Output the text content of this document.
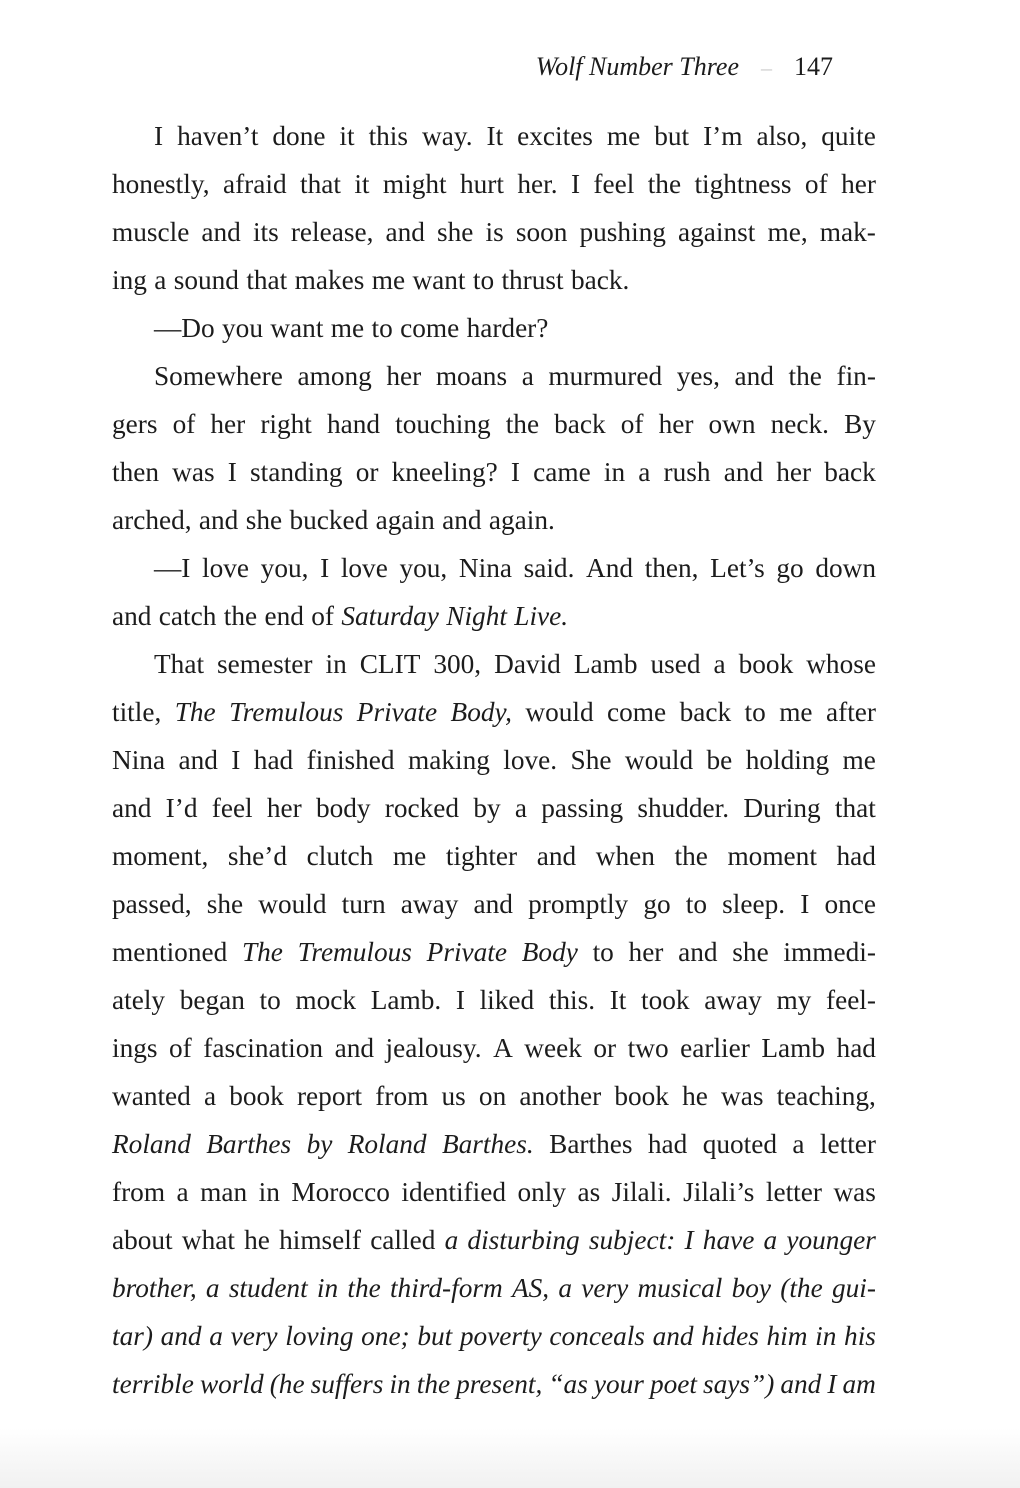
Wolf Number Three – 147
I haven’t done it this way. It excites me but I’m also, quite
honestly, afraid that it might hurt her. I feel the tightness of her
muscle and its release, and she is soon pushing against me, mak-
ing a sound that makes me want to thrust back.
—Do you want me to come harder?
Somewhere among her moans a murmured yes, and the fin-
gers of her right hand touching the back of her own neck. By
then was I standing or kneeling? I came in a rush and her back
arched, and she bucked again and again.
—I love you, I love you, Nina said. And then, Let’s go down
and catch the end of Saturday Night Live.
That semester in CLIT 300, David Lamb used a book whose
title, The Tremulous Private Body, would come back to me after
Nina and I had finished making love. She would be holding me
and I’d feel her body rocked by a passing shudder. During that
moment, she’d clutch me tighter and when the moment had
passed, she would turn away and promptly go to sleep. I once
mentioned The Tremulous Private Body to her and she immedi-
ately began to mock Lamb. I liked this. It took away my feel-
ings of fascination and jealousy. A week or two earlier Lamb had
wanted a book report from us on another book he was teaching,
Roland Barthes by Roland Barthes. Barthes had quoted a letter
from a man in Morocco identified only as Jilali. Jilali’s letter was
about what he himself called a disturbing subject: I have a younger
brother, a student in the third-form AS, a very musical boy (the gui-
tar) and a very loving one; but poverty conceals and hides him in his
terrible world (he suffers in the present, “as your poet says”) and I am
